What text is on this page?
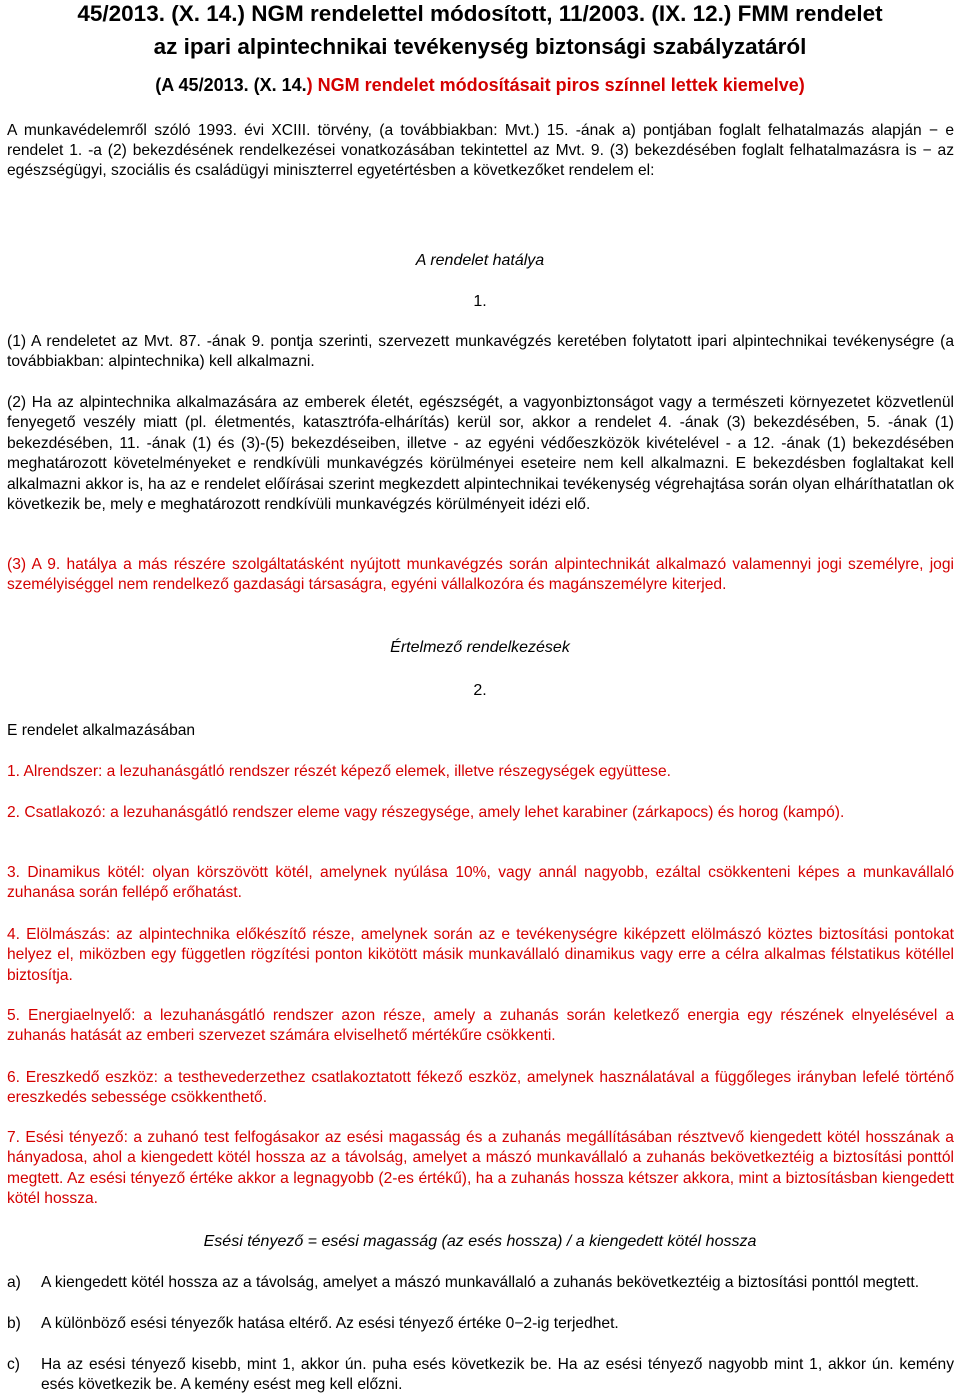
45/2013. (X. 14.) NGM rendelettel módosított, 11/2003. (IX. 12.) FMM rendelet
az ipari alpintechnikai tevékenység biztonsági szabályzatáról
(A 45/2013. (X. 14.) NGM rendelet módosításait piros színnel lettek kiemelve)
A munkavédelemről szóló 1993. évi XCIII. törvény, (a továbbiakban: Mvt.) 15. -ának a) pontjában foglalt felhatalmazás alapján − e rendelet 1. -a (2) bekezdésének rendelkezései vonatkozásában tekintettel az Mvt. 9. (3) bekezdésében foglalt felhatalmazásra is − az egészségügyi, szociális és családügyi miniszterrel egyetértésben a következőket rendelem el:
A rendelet hatálya
1.
(1) A rendeletet az Mvt. 87. -ának 9. pontja szerinti, szervezett munkavégzés keretében folytatott ipari alpintechnikai tevékenységre (a továbbiakban: alpintechnika) kell alkalmazni.
(2) Ha az alpintechnika alkalmazására az emberek életét, egészségét, a vagyonbiztonságot vagy a természeti környezetet közvetlenül fenyegető veszély miatt (pl. életmentés, katasztrófa-elhárítás) kerül sor, akkor a rendelet 4. -ának (3) bekezdésében, 5. -ának (1) bekezdésében, 11. -ának (1) és (3)-(5) bekezdéseiben, illetve - az egyéni védőeszközök kivételével - a 12. -ának (1) bekezdésében meghatározott követelményeket e rendkívüli munkavégzés körülményei eseteire nem kell alkalmazni. E bekezdésben foglaltakat kell alkalmazni akkor is, ha az e rendelet előírásai szerint megkezdett alpintechnikai tevékenység végrehajtása során olyan elháríthatatlan ok következik be, mely e meghatározott rendkívüli munkavégzés körülményeit idézi elő.
(3) A 9. hatálya a más részére szolgáltatásként nyújtott munkavégzés során alpintechnikát alkalmazó valamennyi jogi személyre, jogi személyiséggel nem rendelkező gazdasági társaságra, egyéni vállalkozóra és magánszemélyre kiterjed.
Értelmező rendelkezések
2.
E rendelet alkalmazásában
1. Alrendszer: a lezuhanásgátló rendszer részét képező elemek, illetve részegységek együttese.
2. Csatlakozó: a lezuhanásgátló rendszer eleme vagy részegysége, amely lehet karabiner (zárkapocs) és horog (kampó).
3. Dinamikus kötél: olyan körszövött kötél, amelynek nyúlása 10%, vagy annál nagyobb, ezáltal csökkenteni képes a munkavállaló zuhanása során fellépő erőhatást.
4. Elölmászás: az alpintechnika előkészítő része, amelynek során az e tevékenységre kiképzett elölmászó köztes biztosítási pontokat helyez el, miközben egy független rögzítési ponton kikötött másik munkavállaló dinamikus vagy erre a célra alkalmas félstatikus kötéllel biztosítja.
5. Energiaelnyelő: a lezuhanásgátló rendszer azon része, amely a zuhanás során keletkező energia egy részének elnyelésével a zuhanás hatását az emberi szervezet számára elviselhető mértékűre csökkenti.
6. Ereszkedő eszköz: a testhevederzethez csatlakoztatott fékező eszköz, amelynek használatával a függőleges irányban lefelé történő ereszkedés sebessége csökkenthető.
7. Esési tényező: a zuhanó test felfogásakor az esési magasság és a zuhanás megállításában résztvevő kiengedett kötél hosszának a hányadosa, ahol a kiengedett kötél hossza az a távolság, amelyet a mászó munkavállaló a zuhanás bekövetkeztéig a biztosítási ponttól megtett. Az esési tényező értéke akkor a legnagyobb (2-es értékű), ha a zuhanás hossza kétszer akkora, mint a biztosításban kiengedett kötél hossza.
Esési tényező = esési magasság (az esés hossza) / a kiengedett kötél hossza
a)	A kiengedett kötél hossza az a távolság, amelyet a mászó munkavállaló a zuhanás bekövetkeztéig a biztosítási ponttól megtett.
b)	A különböző esési tényezők hatása eltérő. Az esési tényező értéke 0−2-ig terjedhet.
c)	Ha az esési tényező kisebb, mint 1, akkor ún. puha esés következik be. Ha az esési tényező nagyobb mint 1, akkor ún. kemény esés következik be. A kemény esést meg kell előzni.
